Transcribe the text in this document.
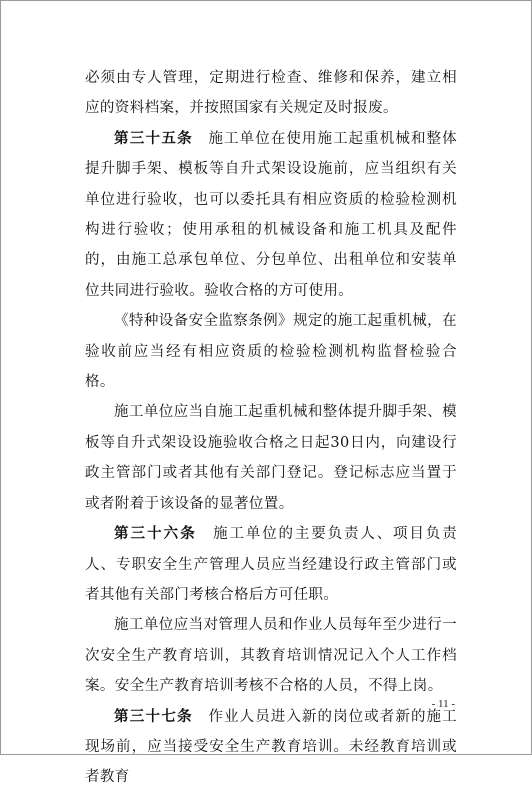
必须由专人管理，定期进行检查、维修和保养，建立相应的资料档案，并按照国家有关规定及时报废。

第三十五条  施工单位在使用施工起重机械和整体提升脚手架、模板等自升式架设设施前，应当组织有关单位进行验收，也可以委托具有相应资质的检验检测机构进行验收；使用承租的机械设备和施工机具及配件的，由施工总承包单位、分包单位、出租单位和安装单位共同进行验收。验收合格的方可使用。

《特种设备安全监察条例》规定的施工起重机械，在验收前应当经有相应资质的检验检测机构监督检验合格。

施工单位应当自施工起重机械和整体提升脚手架、模板等自升式架设设施验收合格之日起30日内，向建设行政主管部门或者其他有关部门登记。登记标志应当置于或者附着于该设备的显著位置。

第三十六条  施工单位的主要负责人、项目负责人、专职安全生产管理人员应当经建设行政主管部门或者其他有关部门考核合格后方可任职。

施工单位应当对管理人员和作业人员每年至少进行一次安全生产教育培训，其教育培训情况记入个人工作档案。安全生产教育培训考核不合格的人员，不得上岗。

第三十七条  作业人员进入新的岗位或者新的施工现场前，应当接受安全生产教育培训。未经教育培训或者教育

- 11 -
